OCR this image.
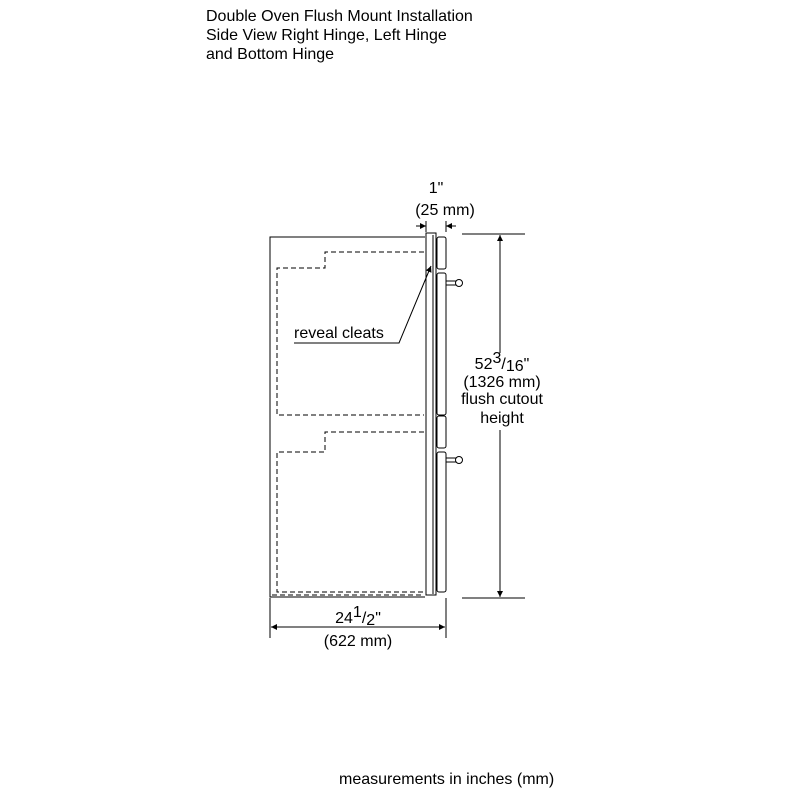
Double Oven Flush Mount Installation
Side View Right Hinge, Left Hinge
and Bottom Hinge
reveal cleats
1"
(25 mm)
523/16"
(1326 mm)
flush cutout
height
241/2"
(622 mm)
measurements in inches (mm)
